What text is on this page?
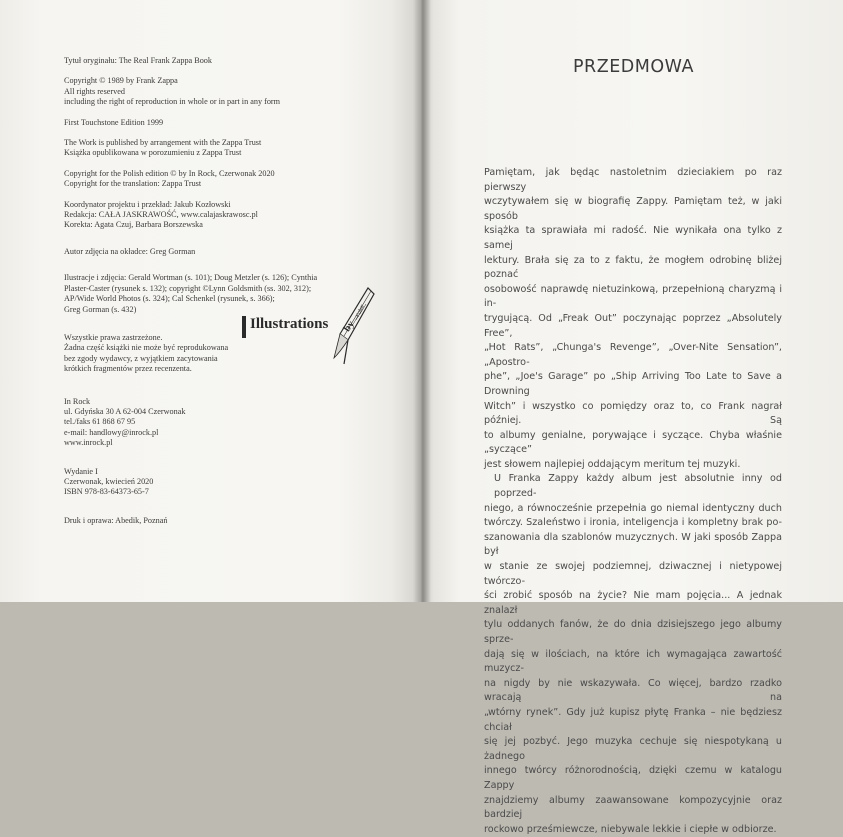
Tytuł oryginału: The Real Frank Zappa Book
Copyright © 1989 by Frank Zappa
All rights reserved
including the right of reproduction in whole or in part in any form
First Touchstone Edition 1999
The Work is published by arrangement with the Zappa Trust
Książka opublikowana w porozumieniu z Zappa Trust
Copyright for the Polish edition © by In Rock, Czerwonak 2020
Copyright for the translation: Zappa Trust
Koordynator projektu i przekład: Jakub Kozłowski
Redakcja: CAŁA JASKRAWOŚĆ, www.calajaskrawosc.pl
Korekta: Agata Czuj, Barbara Borszewska
Autor zdjęcia na okładce: Greg Gorman
Ilustracje i zdjęcia: Gerald Wortman (s. 101); Doug Metzler (s. 126); Cynthia
Plaster-Caster (rysunek s. 132); copyright ©Lynn Goldsmith (ss. 302, 312);
AP/Wide World Photos (s. 324); Cal Schenkel (rysunek, s. 366);
Greg Gorman (s. 432)
Wszystkie prawa zastrzeżone.
Żadna część książki nie może być reprodukowana
bez zgody wydawcy, z wyjątkiem zacytowania
krótkich fragmentów przez recenzenta.
In Rock
ul. Gdyńska 30 A 62-004 Czerwonak
tel./faks 61 868 67 95
e-mail: handlowy@inrock.pl
www.inrock.pl
Wydanie I
Czerwonak, kwiecień 2020
ISBN 978-83-64373-65-7
Druk i oprawa: Abedik, Poznań
Illustrations by
Kofeir
PRZEDMOWA
Pamiętam, jak będąc nastoletnim dzieciakiem po raz pierwszy
wczytywałem się w biografię Zappy. Pamiętam też, w jaki sposób
książka ta sprawiała mi radość. Nie wynikała ona tylko z samej
lektury. Brała się za to z faktu, że mogłem odrobinę bliżej poznać
osobowość naprawdę nietuzinkową, przepełnioną charyzmą i in-
trygującą. Od „Freak Out” poczynając poprzez „Absolutely Free”,
„Hot Rats”, „Chunga's Revenge”, „Over-Nite Sensation”, „Apostro-
phe”, „Joe's Garage” po „Ship Arriving Too Late to Save a Drowning
Witch” i wszystko co pomiędzy oraz to, co Frank nagrał później. Są
to albumy genialne, porywające i syczące. Chyba właśnie „syczące”
jest słowem najlepiej oddającym meritum tej muzyki.
U Franka Zappy każdy album jest absolutnie inny od poprzed-
niego, a równocześnie przepełnia go niemal identyczny duch
twórczy. Szaleństwo i ironia, inteligencja i kompletny brak po-
szanowania dla szablonów muzycznych. W jaki sposób Zappa był
w stanie ze swojej podziemnej, dziwacznej i nietypowej twórczo-
ści zrobić sposób na życie? Nie mam pojęcia... A jednak znalazł
tylu oddanych fanów, że do dnia dzisiejszego jego albumy sprze-
dają się w ilościach, na które ich wymagająca zawartość muzycz-
na nigdy by nie wskazywała. Co więcej, bardzo rzadko wracają na
„wtórny rynek”. Gdy już kupisz płytę Franka – nie będziesz chciał
się jej pozbyć. Jego muzyka cechuje się niespotykaną u żadnego
innego twórcy różnorodnością, dzięki czemu w katalogu Zappy
znajdziemy albumy zaawansowane kompozycyjnie oraz bardziej
rockowo prześmiewcze, niebywale lekkie i ciepłe w odbiorze.
